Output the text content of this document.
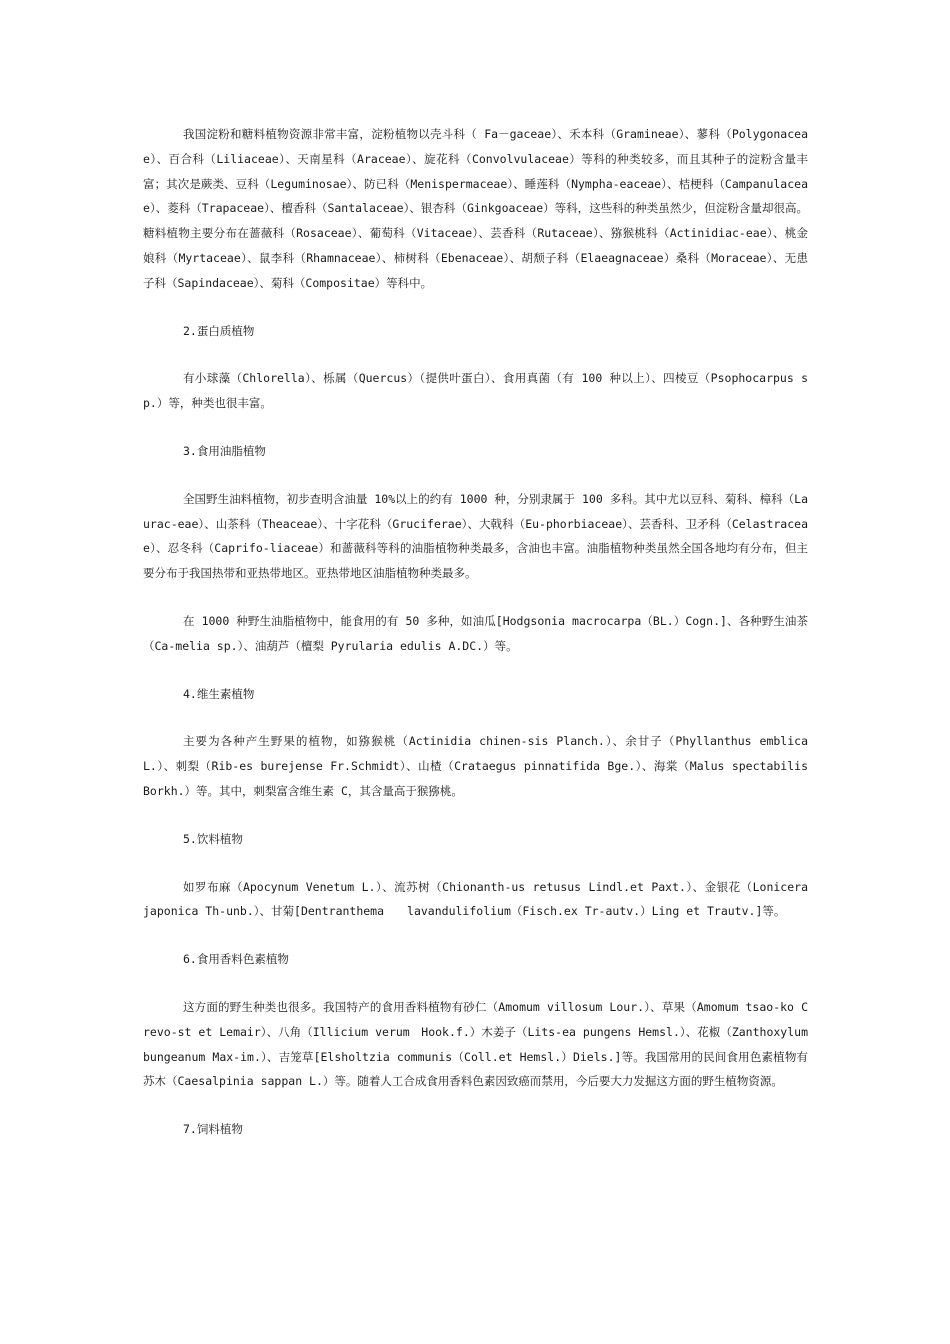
我国淀粉和糖料植物资源非常丰富，淀粉植物以壳斗科（ Fa－gaceae）、禾本科（Gramineae）、蓼科（Polygonaceae）、百合科（Liliaceae）、天南星科（Araceae）、旋花科（Convolvulaceae）等科的种类较多，而且其种子的淀粉含量丰富；其次是蕨类、豆科（Leguminosae）、防已科（Menispermaceae）、睡莲科（Nympha-eaceae）、桔梗科（Campanulaceae）、菱科（Trapaceae）、檀香科（Santalaceae）、银杏科（Ginkgoaceae）等科，这些科的种类虽然少，但淀粉含量却很高。糖料植物主要分布在蔷薇科（Rosaceae）、葡萄科（Vitaceae）、芸香科（Rutaceae）、猕猴桃科（Actinidiac-eae）、桃金娘科（Myrtaceae）、鼠李科（Rhamnaceae）、柿树科（Ebenaceae）、胡颓子科（Elaeagnaceae）桑科（Moraceae）、无患子科（Sapindaceae）、菊科（Compositae）等科中。

2.蛋白质植物

有小球藻（Chlorella）、栎属（Quercus）（提供叶蛋白）、食用真菌（有 100 种以上）、四棱豆（Psophocarpus sp.）等，种类也很丰富。

3.食用油脂植物

全国野生油料植物，初步查明含油量 10%以上的约有 1000 种，分别隶属于 100 多科。其中尤以豆科、菊科、樟科（Laurac-eae）、山茶科（Theaceae）、十字花科（Gruciferae）、大戟科（Eu-phorbiaceae）、芸香科、卫矛科（Celastraceae）、忍冬科（Caprifo-liaceae）和蔷薇科等科的油脂植物种类最多，含油也丰富。油脂植物种类虽然全国各地均有分布，但主要分布于我国热带和亚热带地区。亚热带地区油脂植物种类最多。

在 1000 种野生油脂植物中，能食用的有 50 多种，如油瓜[Hodgsonia macrocarpa（BL.）Cogn.]、各种野生油茶（Ca-melia sp.）、油葫芦（檀梨 Pyrularia edulis A.DC.）等。

4.维生素植物

主要为各种产生野果的植物，如猕猴桃（Actinidia chinen-sis Planch.）、余甘子（Phyllanthus emblica L.）、刺梨（Rib-es burejense Fr.Schmidt）、山楂（Crataegus pinnatifida Bge.）、海棠（Malus spectabilis Borkh.）等。其中，刺梨富含维生素 C，其含量高于猴猕桃。

5.饮料植物

如罗布麻（Apocynum Venetum L.）、流苏树（Chionanth-us retusus Lindl.et Paxt.）、金银花（Lonicera japonica Th-unb.）、甘菊[Dentranthema　　lavandulifolium（Fisch.ex Tr-autv.）Ling et Trautv.]等。

6.食用香料色素植物

这方面的野生种类也很多。我国特产的食用香料植物有砂仁（Amomum villosum Lour.）、草果（Amomum tsao-ko Crevo-st et Lemair）、八角（Illicium verum　Hook.f.）木姜子（Lits-ea pungens Hemsl.）、花椒（Zanthoxylum bungeanum Max-im.）、吉笼草[Elsholtzia communis（Coll.et Hemsl.）Diels.]等。我国常用的民间食用色素植物有苏木（Caesalpinia sappan L.）等。随着人工合成食用香料色素因致癌而禁用，今后要大力发掘这方面的野生植物资源。

7.饲料植物
